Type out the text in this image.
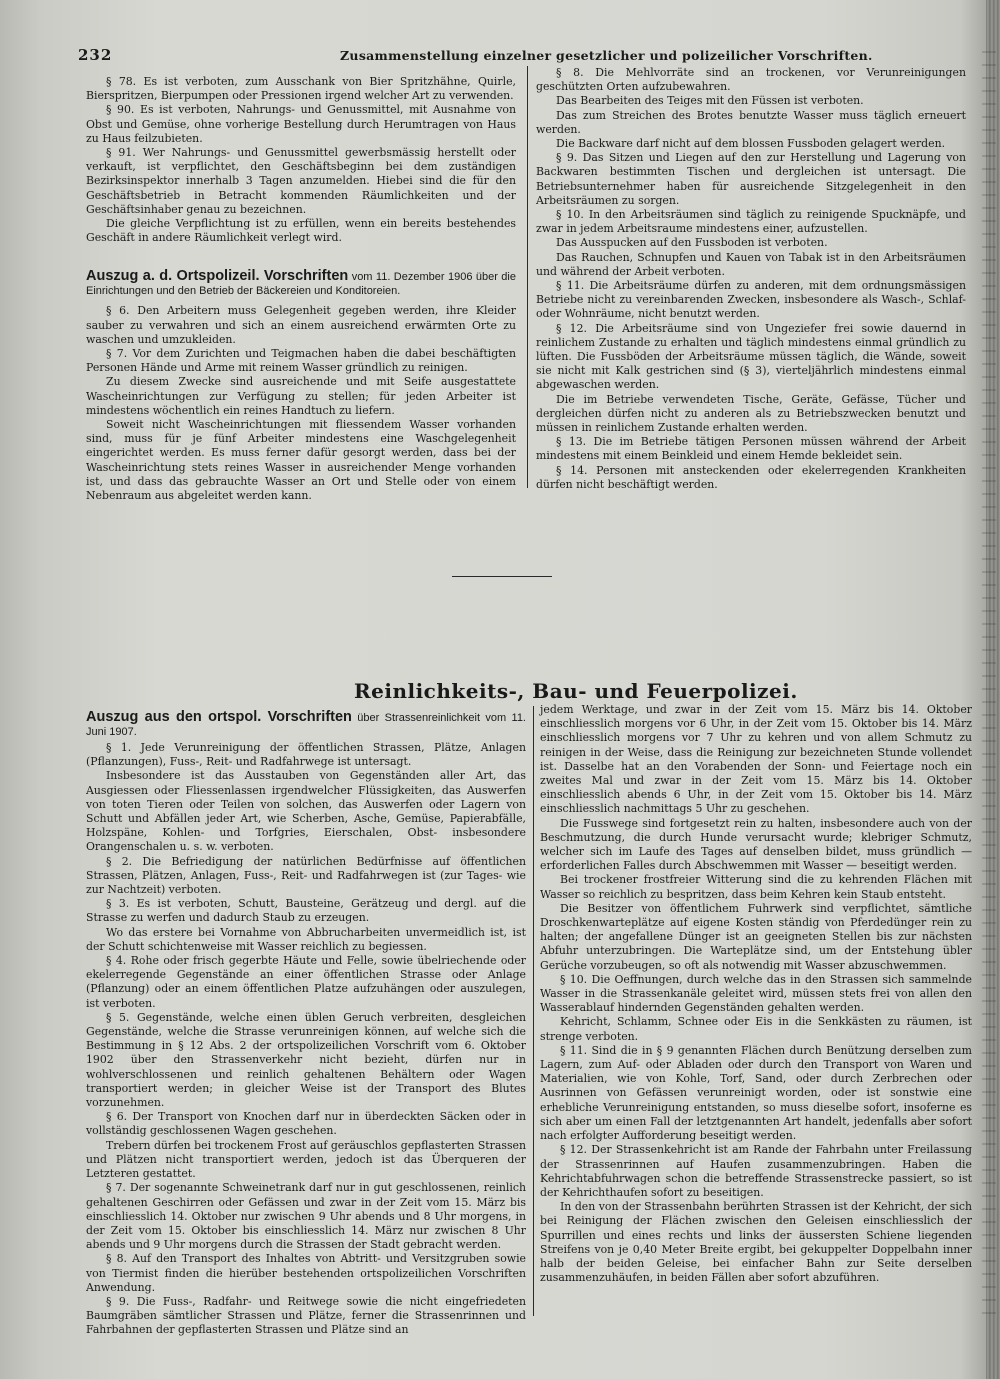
232	Zusammenstellung einzelner gesetzlicher und polizeilicher Vorschriften.

§ 78. Es ist verboten, zum Ausschank von Bier Spritzhähne, Quirle, Bierspritzen, Bierpumpen oder Pressionen irgend welcher Art zu verwenden.

§ 90. Es ist verboten, Nahrungs- und Genussmittel, mit Ausnahme von Obst und Gemüse, ohne vorherige Bestellung durch Herumtragen von Haus zu Haus feilzubieten.

§ 91. Wer Nahrungs- und Genussmittel gewerbsmässig herstellt oder verkauft, ist verpflichtet, den Geschäftsbeginn bei dem zuständigen Bezirksinspektor innerhalb 3 Tagen anzumelden. Hiebei sind die für den Geschäftsbetrieb in Betracht kommenden Räumlichkeiten und der Geschäftsinhaber genau zu bezeichnen.

Die gleiche Verpflichtung ist zu erfüllen, wenn ein bereits bestehendes Geschäft in andere Räumlichkeit verlegt wird.

Auszug a. d. Ortspolizeil. Vorschriften vom 11. Dezember 1906 über die Einrichtungen und den Betrieb der Bäckereien und Konditoreien.

§ 6. Den Arbeitern muss Gelegenheit gegeben werden, ihre Kleider sauber zu verwahren und sich an einem ausreichend erwärmten Orte zu waschen und umzukleiden.

§ 7. Vor dem Zurichten und Teigmachen haben die dabei beschäftigten Personen Hände und Arme mit reinem Wasser gründlich zu reinigen.

Zu diesem Zwecke sind ausreichende und mit Seife ausgestattete Wascheinrichtungen zur Verfügung zu stellen; für jeden Arbeiter ist mindestens wöchentlich ein reines Handtuch zu liefern.

Soweit nicht Wascheinrichtungen mit fliessendem Wasser vorhanden sind, muss für je fünf Arbeiter mindestens eine Waschgelegenheit eingerichtet werden. Es muss ferner dafür gesorgt werden, dass bei der Wascheinrichtung stets reines Wasser in ausreichender Menge vorhanden ist, und dass das gebrauchte Wasser an Ort und Stelle oder von einem Nebenraum aus abgeleitet werden kann.

§ 8. Die Mehlvorräte sind an trockenen, vor Verunreinigungen geschützten Orten aufzubewahren.

Das Bearbeiten des Teiges mit den Füssen ist verboten.

Das zum Streichen des Brotes benutzte Wasser muss täglich erneuert werden.

Die Backware darf nicht auf dem blossen Fussboden gelagert werden.

§ 9. Das Sitzen und Liegen auf den zur Herstellung und Lagerung von Backwaren bestimmten Tischen und dergleichen ist untersagt. Die Betriebsunternehmer haben für ausreichende Sitzgelegenheit in den Arbeitsräumen zu sorgen.

§ 10. In den Arbeitsräumen sind täglich zu reinigende Spucknäpfe, und zwar in jedem Arbeitsraume mindestens einer, aufzustellen.

Das Ausspucken auf den Fussboden ist verboten.

Das Rauchen, Schnupfen und Kauen von Tabak ist in den Arbeitsräumen und während der Arbeit verboten.

§ 11. Die Arbeitsräume dürfen zu anderen, mit dem ordnungsmässigen Betriebe nicht zu vereinbarenden Zwecken, insbesondere als Wasch-, Schlaf- oder Wohnräume, nicht benutzt werden.

§ 12. Die Arbeitsräume sind von Ungeziefer frei sowie dauernd in reinlichem Zustande zu erhalten und täglich mindestens einmal gründlich zu lüften. Die Fussböden der Arbeitsräume müssen täglich, die Wände, soweit sie nicht mit Kalk gestrichen sind (§ 3), vierteljährlich mindestens einmal abgewaschen werden.

Die im Betriebe verwendeten Tische, Geräte, Gefässe, Tücher und dergleichen dürfen nicht zu anderen als zu Betriebszwecken benutzt und müssen in reinlichem Zustande erhalten werden.

§ 13. Die im Betriebe tätigen Personen müssen während der Arbeit mindestens mit einem Beinkleid und einem Hemde bekleidet sein.

§ 14. Personen mit ansteckenden oder ekelerregenden Krankheiten dürfen nicht beschäftigt werden.

Reinlichkeits-, Bau- und Feuerpolizei.
Auszug aus den ortspol. Vorschriften über Strassenreinlichkeit vom 11. Juni 1907.

§ 1. Jede Verunreinigung der öffentlichen Strassen, Plätze, Anlagen (Pflanzungen), Fuss-, Reit- und Radfahrwege ist untersagt.

Insbesondere ist das Ausstauben von Gegenständen aller Art, das Ausgiessen oder Fliessenlassen irgendwelcher Flüssigkeiten, das Auswerfen von toten Tieren oder Teilen von solchen, das Auswerfen oder Lagern von Schutt und Abfällen jeder Art, wie Scherben, Asche, Gemüse, Papierabfälle, Holzspäne, Kohlen- und Torfgries, Eierschalen, Obst- insbesondere Orangenschalen u. s. w. verboten.

§ 2. Die Befriedigung der natürlichen Bedürfnisse auf öffentlichen Strassen, Plätzen, Anlagen, Fuss-, Reit- und Radfahrwegen ist (zur Tages- wie zur Nachtzeit) verboten.

§ 3. Es ist verboten, Schutt, Bausteine, Gerätzeug und dergl. auf die Strasse zu werfen und dadurch Staub zu erzeugen.

Wo das erstere bei Vornahme von Abbrucharbeiten unvermeidlich ist, ist der Schutt schichtenweise mit Wasser reichlich zu begiessen.

§ 4. Rohe oder frisch gegerbte Häute und Felle, sowie übelriechende oder ekelerregende Gegenstände an einer öffentlichen Strasse oder Anlage (Pflanzung) oder an einem öffentlichen Platze aufzuhängen oder auszulegen, ist verboten.

§ 5. Gegenstände, welche einen üblen Geruch verbreiten, desgleichen Gegenstände, welche die Strasse verunreinigen können, auf welche sich die Bestimmung in § 12 Abs. 2 der ortspolizeilichen Vorschrift vom 6. Oktober 1902 über den Strassenverkehr nicht bezieht, dürfen nur in wohlverschlossenen und reinlich gehaltenen Behältern oder Wagen transportiert werden; in gleicher Weise ist der Transport des Blutes vorzunehmen.

§ 6. Der Transport von Knochen darf nur in überdeckten Säcken oder in vollständig geschlossenen Wagen geschehen.

Trebern dürfen bei trockenem Frost auf geräuschlos gepflasterten Strassen und Plätzen nicht transportiert werden, jedoch ist das Überqueren der Letzteren gestattet.

§ 7. Der sogenannte Schweinetrank darf nur in gut geschlossenen, reinlich gehaltenen Geschirren oder Gefässen und zwar in der Zeit vom 15. März bis einschliesslich 14. Oktober nur zwischen 9 Uhr abends und 8 Uhr morgens, in der Zeit vom 15. Oktober bis einschliesslich 14. März nur zwischen 8 Uhr abends und 9 Uhr morgens durch die Strassen der Stadt gebracht werden.

§ 8. Auf den Transport des Inhaltes von Abtritt- und Versitzgruben sowie von Tiermist finden die hierüber bestehenden ortspolizeilichen Vorschriften Anwendung.

§ 9. Die Fuss-, Radfahr- und Reitwege sowie die nicht eingefriedeten Baumgräben sämtlicher Strassen und Plätze, ferner die Strassenrinnen und Fahrbahnen der gepflasterten Strassen und Plätze sind an

jedem Werktage, und zwar in der Zeit vom 15. März bis 14. Oktober einschliesslich morgens vor 6 Uhr, in der Zeit vom 15. Oktober bis 14. März einschliesslich morgens vor 7 Uhr zu kehren und von allem Schmutz zu reinigen in der Weise, dass die Reinigung zur bezeichneten Stunde vollendet ist. Dasselbe hat an den Vorabenden der Sonn- und Feiertage noch ein zweites Mal und zwar in der Zeit vom 15. März bis 14. Oktober einschliesslich abends 6 Uhr, in der Zeit vom 15. Oktober bis 14. März einschliesslich nachmittags 5 Uhr zu geschehen.

Die Fusswege sind fortgesetzt rein zu halten, insbesondere auch von der Beschmutzung, die durch Hunde verursacht wurde; klebriger Schmutz, welcher sich im Laufe des Tages auf denselben bildet, muss gründlich — erforderlichen Falles durch Abschwemmen mit Wasser — beseitigt werden.

Bei trockener frostfreier Witterung sind die zu kehrenden Flächen mit Wasser so reichlich zu bespritzen, dass beim Kehren kein Staub entsteht.

Die Besitzer von öffentlichem Fuhrwerk sind verpflichtet, sämtliche Droschkenwarteplätze auf eigene Kosten ständig von Pferdedünger rein zu halten; der angefallene Dünger ist an geeigneten Stellen bis zur nächsten Abfuhr unterzubringen. Die Warteplätze sind, um der Entstehung übler Gerüche vorzubeugen, so oft als notwendig mit Wasser abzuschwemmen.

§ 10. Die Oeffnungen, durch welche das in den Strassen sich sammelnde Wasser in die Strassenkanäle geleitet wird, müssen stets frei von allen den Wasserablauf hindernden Gegenständen gehalten werden.

Kehricht, Schlamm, Schnee oder Eis in die Senkkästen zu räumen, ist strenge verboten.

§ 11. Sind die in § 9 genannten Flächen durch Benützung derselben zum Lagern, zum Auf- oder Abladen oder durch den Transport von Waren und Materialien, wie von Kohle, Torf, Sand, oder durch Zerbrechen oder Ausrinnen von Gefässen verunreinigt worden, oder ist sonstwie eine erhebliche Verunreinigung entstanden, so muss dieselbe sofort, insoferne es sich aber um einen Fall der letztgenannten Art handelt, jedenfalls aber sofort nach erfolgter Aufforderung beseitigt werden.

§ 12. Der Strassenkehricht ist am Rande der Fahrbahn unter Freilassung der Strassenrinnen auf Haufen zusammenzubringen. Haben die Kehrichtabfuhrwagen schon die betreffende Strassenstrecke passiert, so ist der Kehrichthaufen sofort zu beseitigen.

In den von der Strassenbahn berührten Strassen ist der Kehricht, der sich bei Reinigung der Flächen zwischen den Geleisen einschliesslich der Spurrillen und eines rechts und links der äussersten Schiene liegenden Streifens von je 0,40 Meter Breite ergibt, bei gekuppelter Doppelbahn inner halb der beiden Geleise, bei einfacher Bahn zur Seite derselben zusammenzuhäufen, in beiden Fällen aber sofort abzuführen.
